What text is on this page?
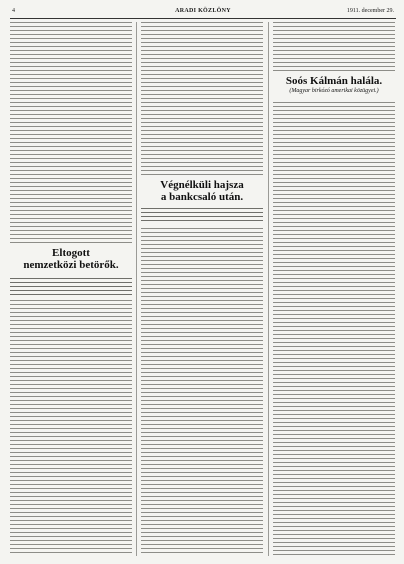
4	ARADI KÖZLÖNY	1911. december 29.
Eltogott
nemzetközi betörők.
Végnélküli hajsza
a bankcsaló után.
Soós Kálmán halála.
(Magyar birkózó amerikai közügyei.)
